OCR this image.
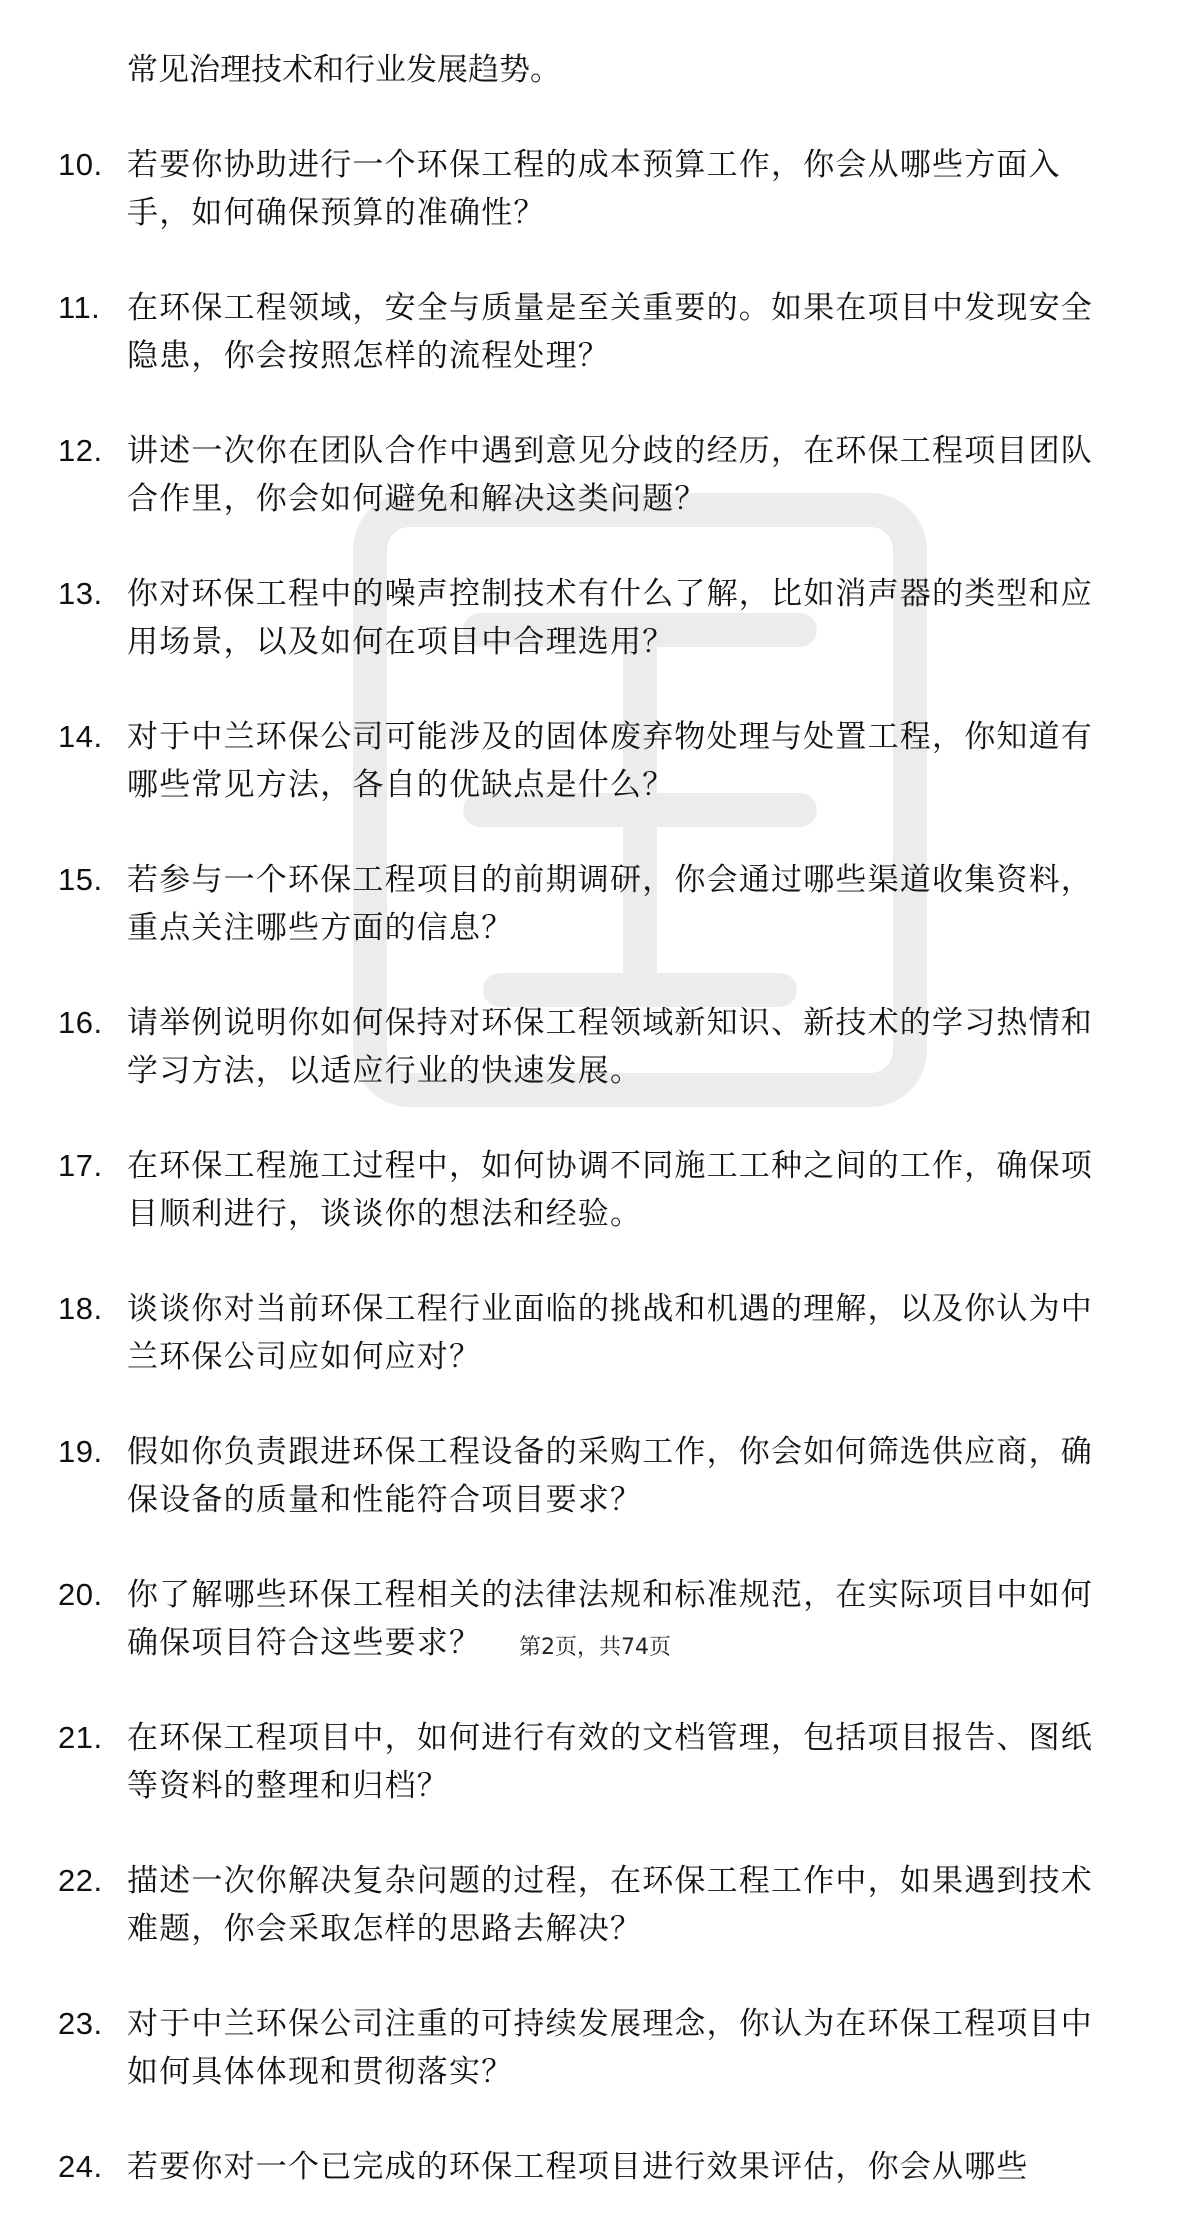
常见治理技术和行业发展趋势。
10. 若要你协助进行一个环保工程的成本预算工作，你会从哪些方面入手，如何确保预算的准确性？
11. 在环保工程领域，安全与质量是至关重要的。如果在项目中发现安全隐患，你会按照怎样的流程处理？
12. 讲述一次你在团队合作中遇到意见分歧的经历，在环保工程项目团队合作里，你会如何避免和解决这类问题？
13. 你对环保工程中的噪声控制技术有什么了解，比如消声器的类型和应用场景，以及如何在项目中合理选用？
14. 对于中兰环保公司可能涉及的固体废弃物处理与处置工程，你知道有哪些常见方法，各自的优缺点是什么？
15. 若参与一个环保工程项目的前期调研，你会通过哪些渠道收集资料，重点关注哪些方面的信息？
16. 请举例说明你如何保持对环保工程领域新知识、新技术的学习热情和学习方法，以适应行业的快速发展。
17. 在环保工程施工过程中，如何协调不同施工工种之间的工作，确保项目顺利进行，谈谈你的想法和经验。
18. 谈谈你对当前环保工程行业面临的挑战和机遇的理解，以及你认为中兰环保公司应如何应对？
19. 假如你负责跟进环保工程设备的采购工作，你会如何筛选供应商，确保设备的质量和性能符合项目要求？
20. 你了解哪些环保工程相关的法律法规和标准规范，在实际项目中如何确保项目符合这些要求？
21. 在环保工程项目中，如何进行有效的文档管理，包括项目报告、图纸等资料的整理和归档？
22. 描述一次你解决复杂问题的过程，在环保工程工作中，如果遇到技术难题，你会采取怎样的思路去解决？
23. 对于中兰环保公司注重的可持续发展理念，你认为在环保工程项目中如何具体体现和贯彻落实？
24. 若要你对一个已完成的环保工程项目进行效果评估，你会从哪些
第2页，共74页
